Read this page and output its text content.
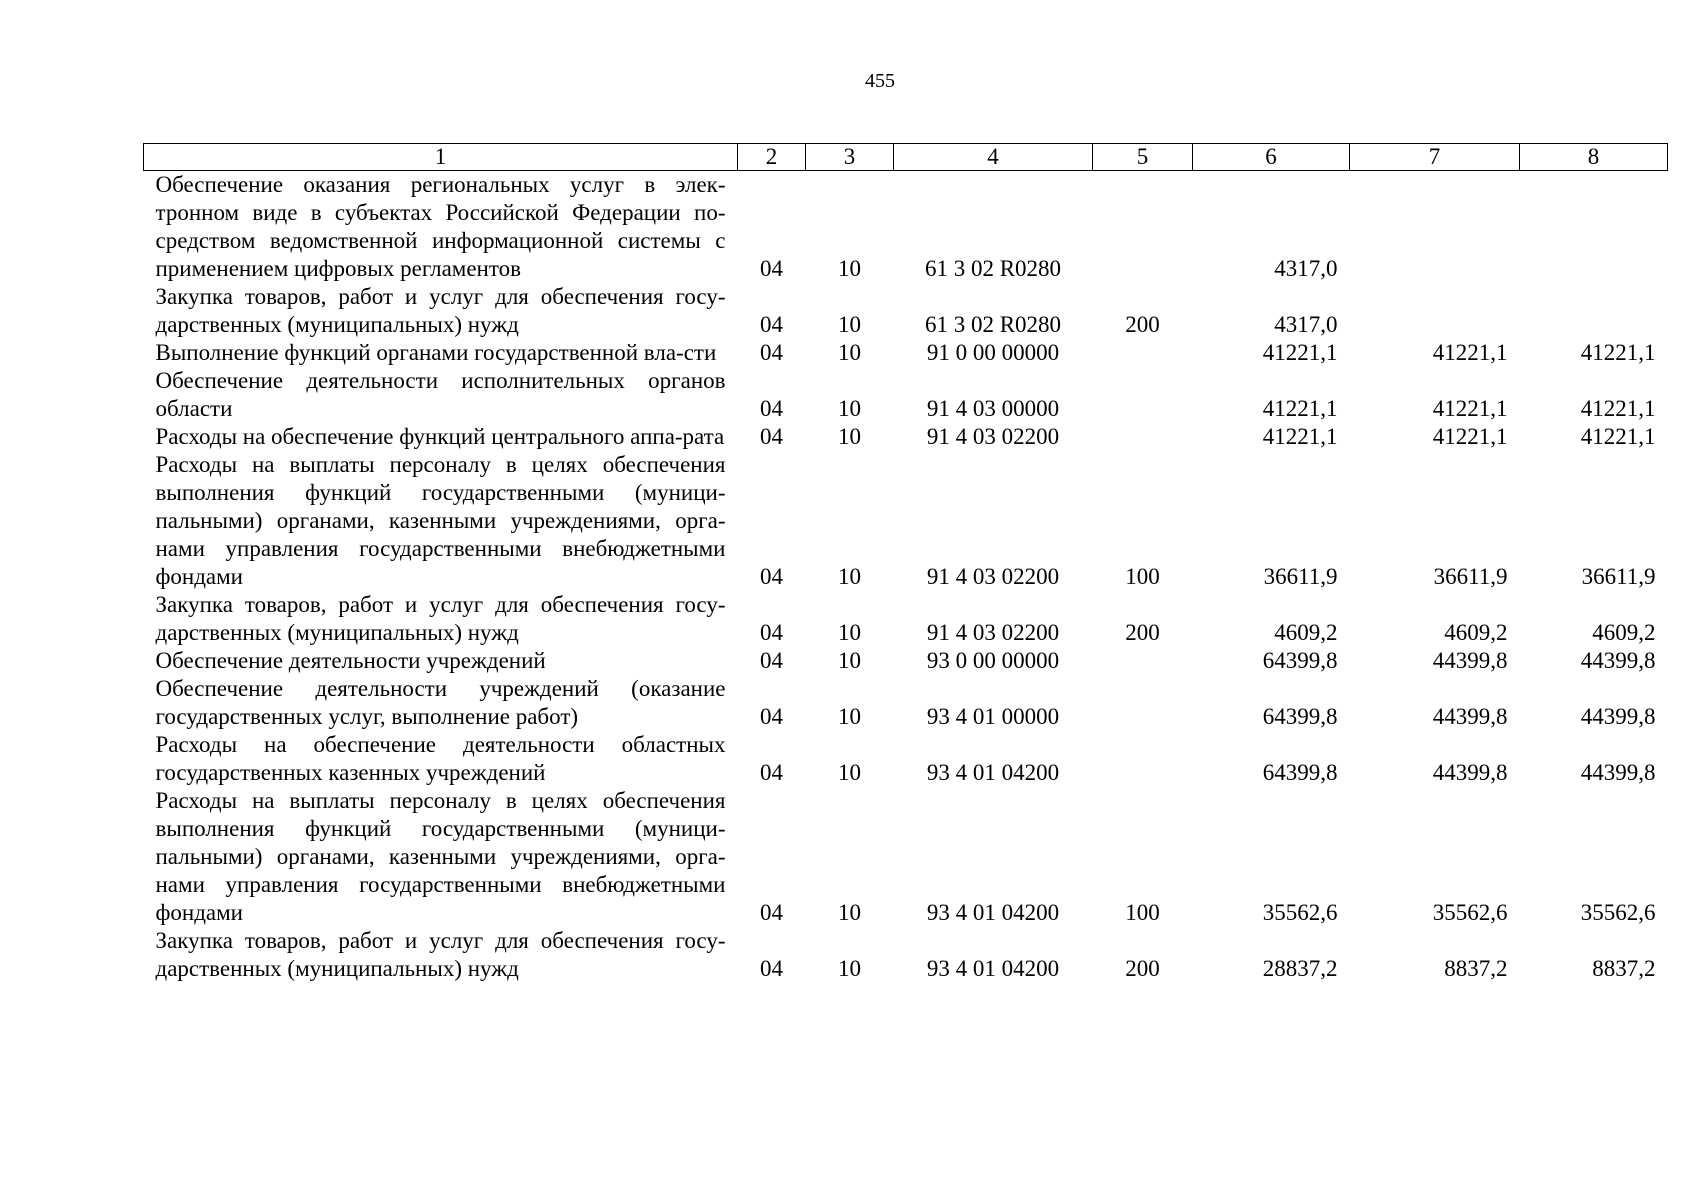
455
1	2	3	4	5	6	7	8
Обеспечение оказания региональных услуг в элек-тронном виде в субъектах Российской Федерации по-средством ведомственной информационной системы с применением цифровых регламентов	04	10	61 3 02 R0280		4317,0		
Закупка товаров, работ и услуг для обеспечения госу-дарственных (муниципальных) нужд	04	10	61 3 02 R0280	200	4317,0		
Выполнение функций органами государственной вла-сти	04	10	91 0 00 00000		41221,1	41221,1	41221,1
Обеспечение деятельности исполнительных органов области	04	10	91 4 03 00000		41221,1	41221,1	41221,1
Расходы на обеспечение функций центрального аппа-рата	04	10	91 4 03 02200		41221,1	41221,1	41221,1
Расходы на выплаты персоналу в целях обеспечения выполнения функций государственными (муници-пальными) органами, казенными учреждениями, орга-нами управления государственными внебюджетными фондами	04	10	91 4 03 02200	100	36611,9	36611,9	36611,9
Закупка товаров, работ и услуг для обеспечения госу-дарственных (муниципальных) нужд	04	10	91 4 03 02200	200	4609,2	4609,2	4609,2
Обеспечение деятельности учреждений	04	10	93 0 00 00000		64399,8	44399,8	44399,8
Обеспечение деятельности учреждений (оказание государственных услуг, выполнение работ)	04	10	93 4 01 00000		64399,8	44399,8	44399,8
Расходы на обеспечение деятельности областных государственных казенных учреждений	04	10	93 4 01 04200		64399,8	44399,8	44399,8
Расходы на выплаты персоналу в целях обеспечения выполнения функций государственными (муници-пальными) органами, казенными учреждениями, орга-нами управления государственными внебюджетными фондами	04	10	93 4 01 04200	100	35562,6	35562,6	35562,6
Закупка товаров, работ и услуг для обеспечения госу-дарственных (муниципальных) нужд	04	10	93 4 01 04200	200	28837,2	8837,2	8837,2
